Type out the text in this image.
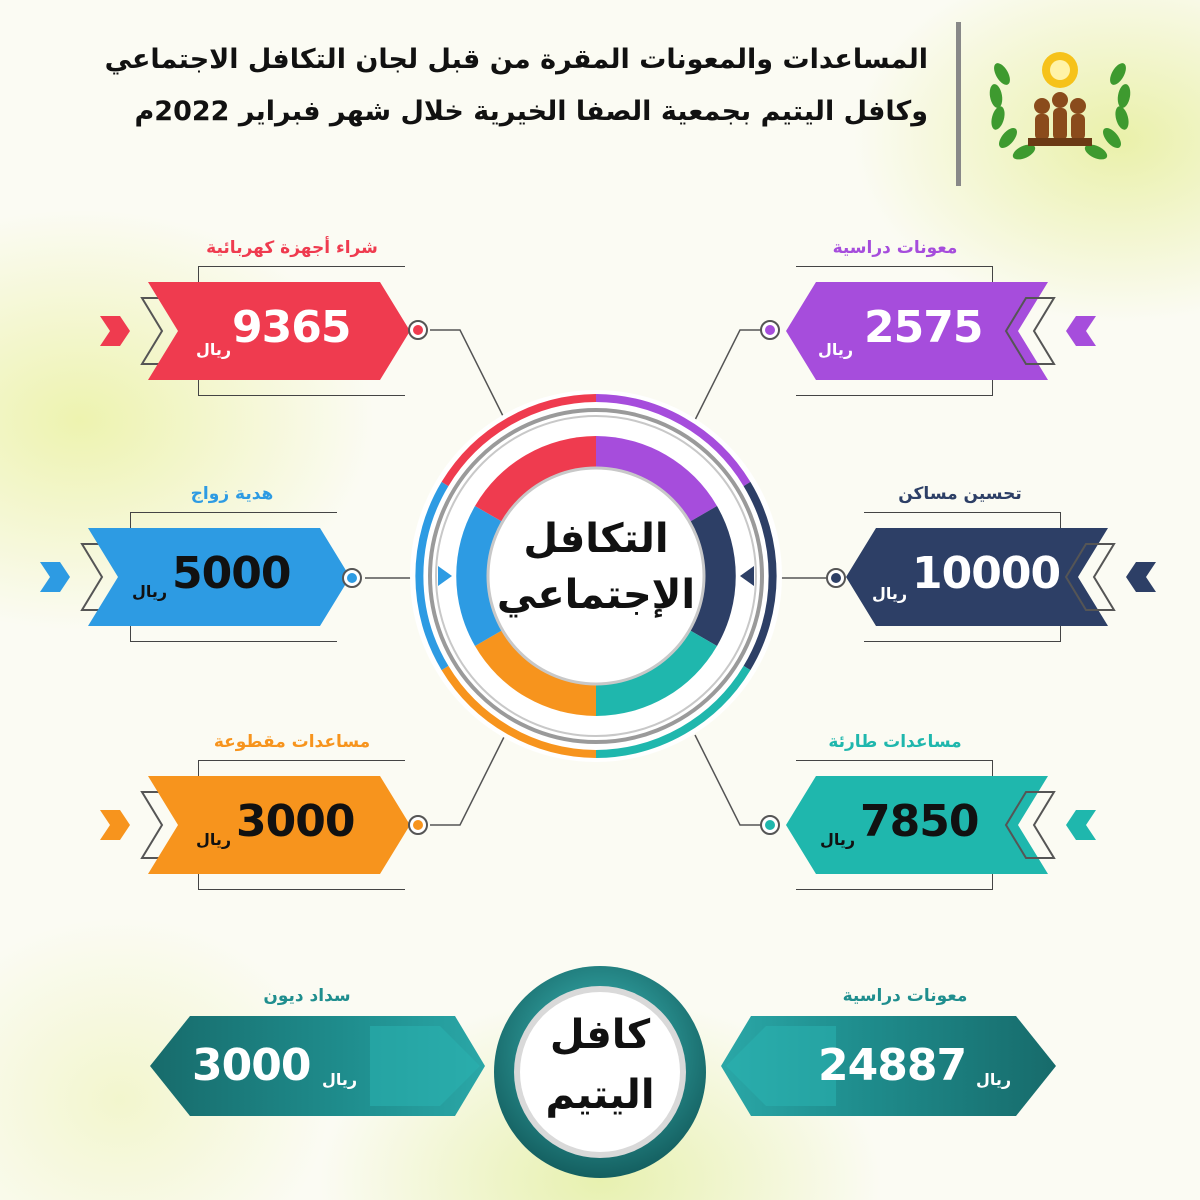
المساعدات والمعونات المقرة من قبل لجان التكافل الاجتماعي
وكافل اليتيم بجمعية الصفا الخيرية خلال شهر فبراير 2022م
التكافل
الإجتماعي
شراء أجهزة كهربائية
9365
ريال
هدية زواج
5000
ريال
مساعدات مقطوعة
3000
ريال
معونات دراسية
2575
ريال
تحسين مساكن
10000
ريال
مساعدات طارئة
7850
ريال
سداد ديون
3000 ريال
معونات دراسية
24887 ريال
كافل
اليتيم
